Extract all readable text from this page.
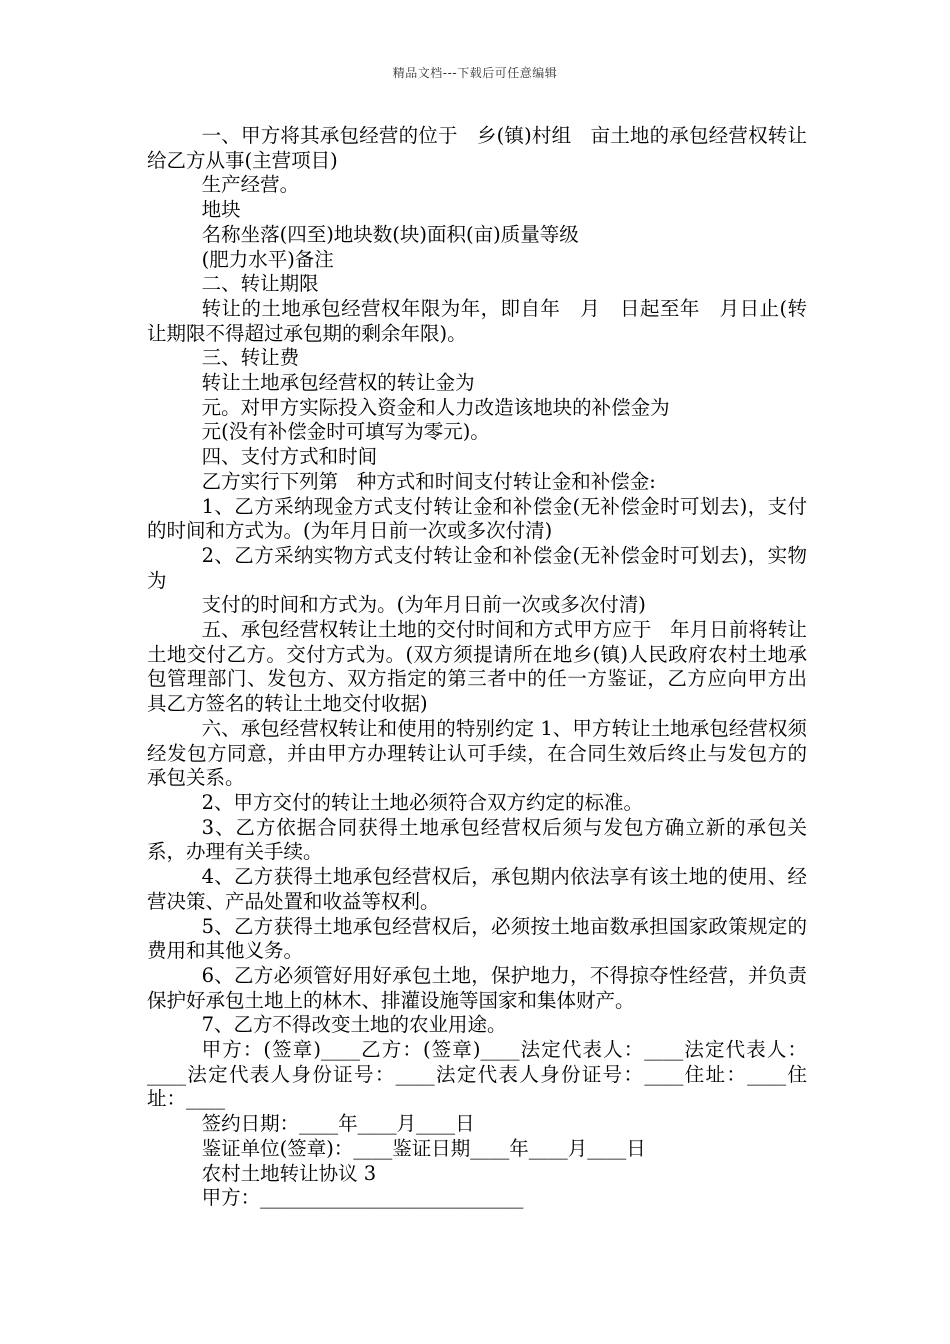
精品文档---下载后可任意编辑

一、甲方将其承包经营的位于   乡(镇)村组   亩土地的承包经营权转让给乙方从事(主营项目)

生产经营。

地块

名称坐落(四至)地块数(块)面积(亩)质量等级

(肥力水平)备注

二、转让期限

转让的土地承包经营权年限为年，即自年   月   日起至年   月日止(转让期限不得超过承包期的剩余年限)。

三、转让费

转让土地承包经营权的转让金为

元。对甲方实际投入资金和人力改造该地块的补偿金为

元(没有补偿金时可填写为零元)。

四、支付方式和时间

乙方实行下列第   种方式和时间支付转让金和补偿金:

1、乙方采纳现金方式支付转让金和补偿金(无补偿金时可划去)，支付的时间和方式为。(为年月日前一次或多次付清)

2、乙方采纳实物方式支付转让金和补偿金(无补偿金时可划去)，实物为

支付的时间和方式为。(为年月日前一次或多次付清)

五、承包经营权转让土地的交付时间和方式甲方应于   年月日前将转让土地交付乙方。交付方式为。(双方须提请所在地乡(镇)人民政府农村土地承包管理部门、发包方、双方指定的第三者中的任一方鉴证，乙方应向甲方出具乙方签名的转让土地交付收据)

六、承包经营权转让和使用的特别约定 1、甲方转让土地承包经营权须经发包方同意，并由甲方办理转让认可手续，在合同生效后终止与发包方的承包关系。

2、甲方交付的转让土地必须符合双方约定的标准。

3、乙方依据合同获得土地承包经营权后须与发包方确立新的承包关系，办理有关手续。

4、乙方获得土地承包经营权后，承包期内依法享有该土地的使用、经营决策、产品处置和收益等权利。

5、乙方获得土地承包经营权后，必须按土地亩数承担国家政策规定的费用和其他义务。

6、乙方必须管好用好承包土地，保护地力，不得掠夺性经营，并负责保护好承包土地上的林木、排灌设施等国家和集体财产。

7、乙方不得改变土地的农业用途。

甲方：(签章)____乙方：(签章)____法定代表人：____法定代表人：____法定代表人身份证号：____法定代表人身份证号：____住址：____住址：____

签约日期：____年____月____日

鉴证单位(签章)：____鉴证日期____年____月____日

农村土地转让协议 3

甲方：___________________________
